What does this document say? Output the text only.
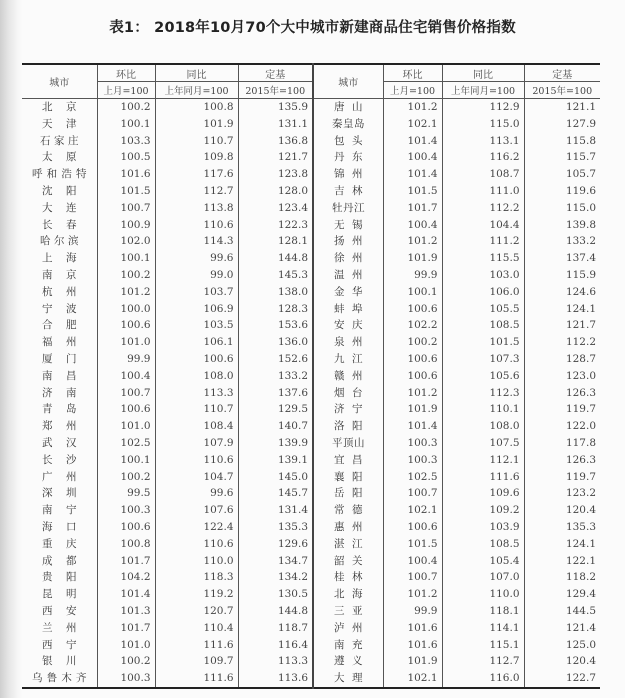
表1： 2018年10月70个大中城市新建商品住宅销售价格指数
城市	环比	同比	定基	城市	环比	同比	定基
	上月=100	上年同月=100	2015年=100		上月=100	上年同月=100	2015年=100
北京	100.2	100.8	135.9	唐山	101.2	112.9	121.1
天津	100.1	101.9	131.1	秦皇岛	102.1	115.0	127.9
石家庄	103.3	110.7	136.8	包头	101.4	113.1	115.8
太原	100.5	109.8	121.7	丹东	100.4	116.2	115.7
呼和浩特	101.6	117.6	123.8	锦州	101.4	108.7	105.7
沈阳	101.5	112.7	128.0	吉林	101.5	111.0	119.6
大连	100.7	113.8	123.4	牡丹江	101.7	112.2	115.0
长春	100.9	110.6	122.3	无锡	100.4	104.4	139.8
哈尔滨	102.0	114.3	128.1	扬州	101.2	111.2	133.2
上海	100.1	99.6	144.8	徐州	101.9	115.5	137.4
南京	100.2	99.0	145.3	温州	99.9	103.0	115.9
杭州	101.2	103.7	138.0	金华	100.1	106.0	124.6
宁波	100.0	106.9	128.3	蚌埠	100.6	105.5	124.1
合肥	100.6	103.5	153.6	安庆	102.2	108.5	121.7
福州	101.0	106.1	136.0	泉州	100.2	101.5	112.2
厦门	99.9	100.6	152.6	九江	100.6	107.3	128.7
南昌	100.4	108.0	133.2	赣州	100.6	105.6	123.0
济南	100.7	113.3	137.6	烟台	101.2	112.3	126.3
青岛	100.6	110.7	129.5	济宁	101.9	110.1	119.7
郑州	101.0	108.4	140.7	洛阳	101.4	108.0	122.0
武汉	102.5	107.9	139.9	平顶山	100.3	107.5	117.8
长沙	100.1	110.6	139.1	宜昌	100.3	112.1	126.3
广州	100.2	104.7	145.0	襄阳	102.5	111.6	119.7
深圳	99.5	99.6	145.7	岳阳	100.7	109.6	123.2
南宁	100.3	107.6	131.4	常德	102.1	109.2	120.4
海口	100.6	122.4	135.3	惠州	100.6	103.9	135.3
重庆	100.8	110.6	129.6	湛江	101.5	108.5	124.1
成都	101.7	110.0	134.7	韶关	100.4	105.4	122.1
贵阳	104.2	118.3	134.2	桂林	100.7	107.0	118.2
昆明	101.4	119.2	130.5	北海	101.2	110.0	129.4
西安	101.3	120.7	144.8	三亚	99.9	118.1	144.5
兰州	101.7	110.4	118.7	泸州	101.6	114.1	121.4
西宁	101.0	111.6	116.4	南充	101.6	115.1	125.0
银川	100.2	109.7	113.3	遵义	101.9	112.7	120.4
乌鲁木齐	100.3	111.6	113.6	大理	102.1	116.0	122.7
